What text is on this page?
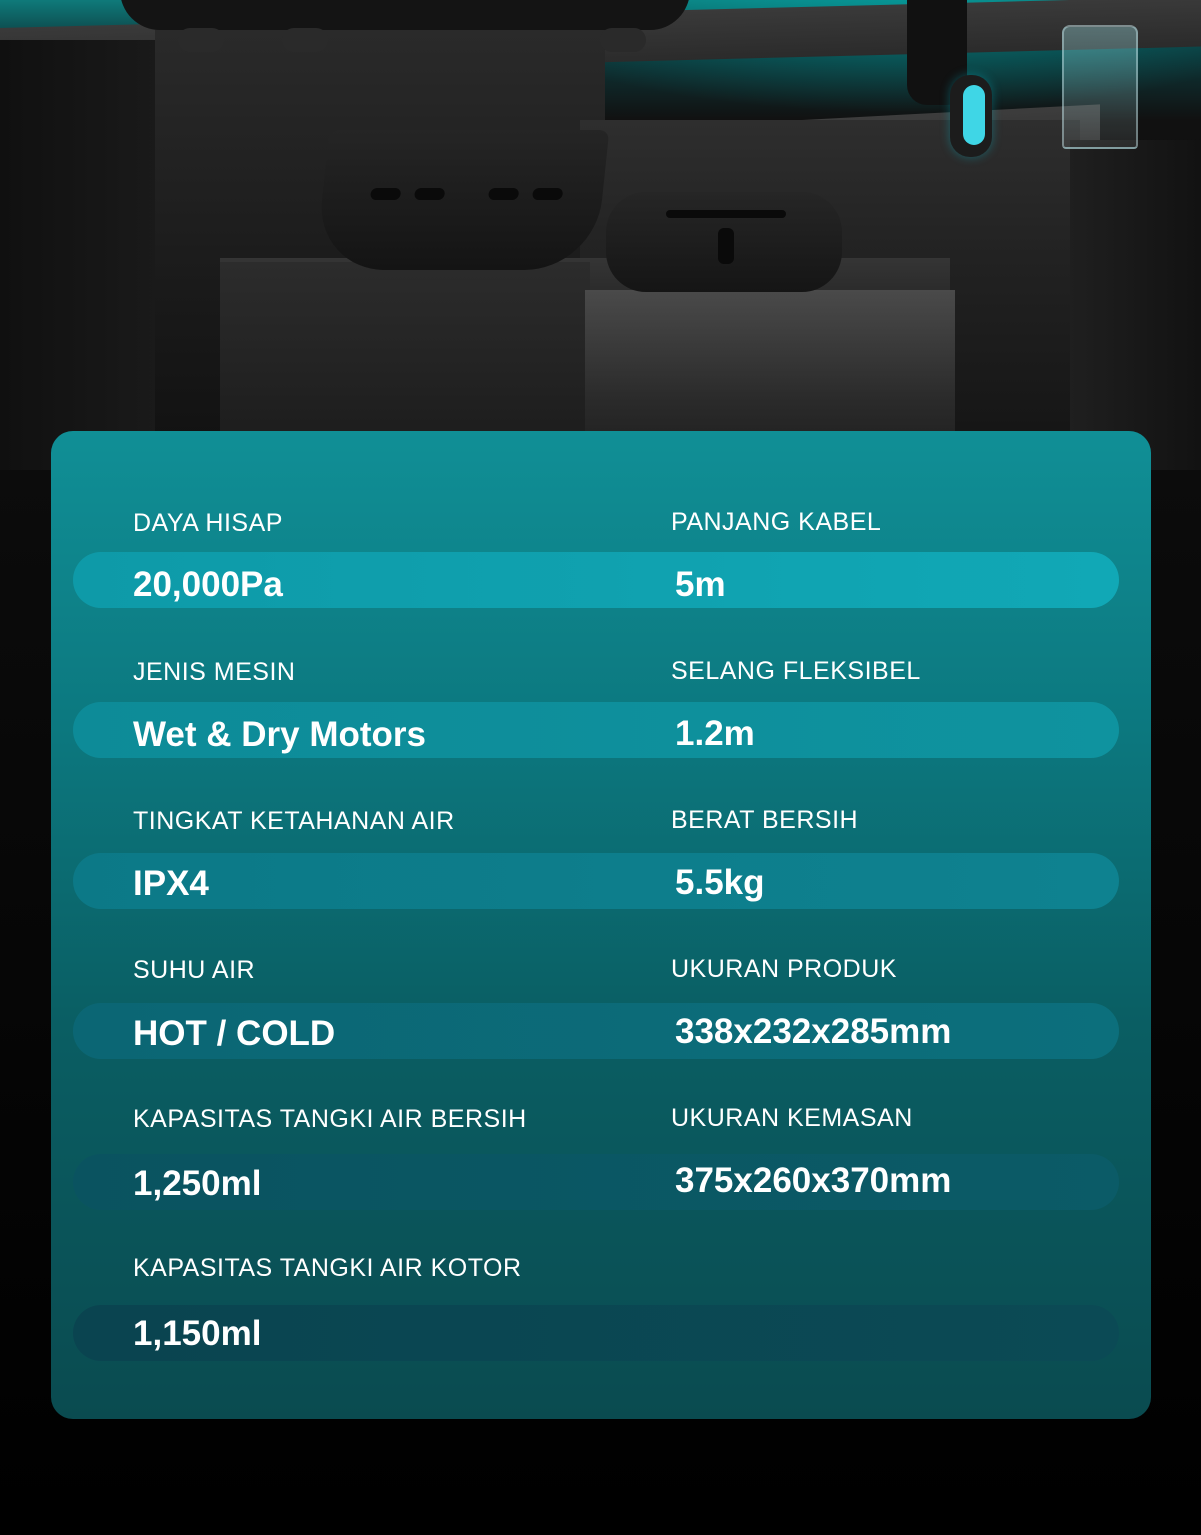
DAYA HISAP	PANJANG KABEL
20,000Pa	5m
JENIS MESIN	SELANG FLEKSIBEL
Wet & Dry Motors	1.2m
TINGKAT KETAHANAN AIR	BERAT BERSIH
IPX4	5.5kg
SUHU AIR	UKURAN PRODUK
HOT / COLD	338x232x285mm
KAPASITAS TANGKI AIR BERSIH	UKURAN KEMASAN
1,250ml	375x260x370mm
KAPASITAS TANGKI AIR KOTOR
1,150ml
